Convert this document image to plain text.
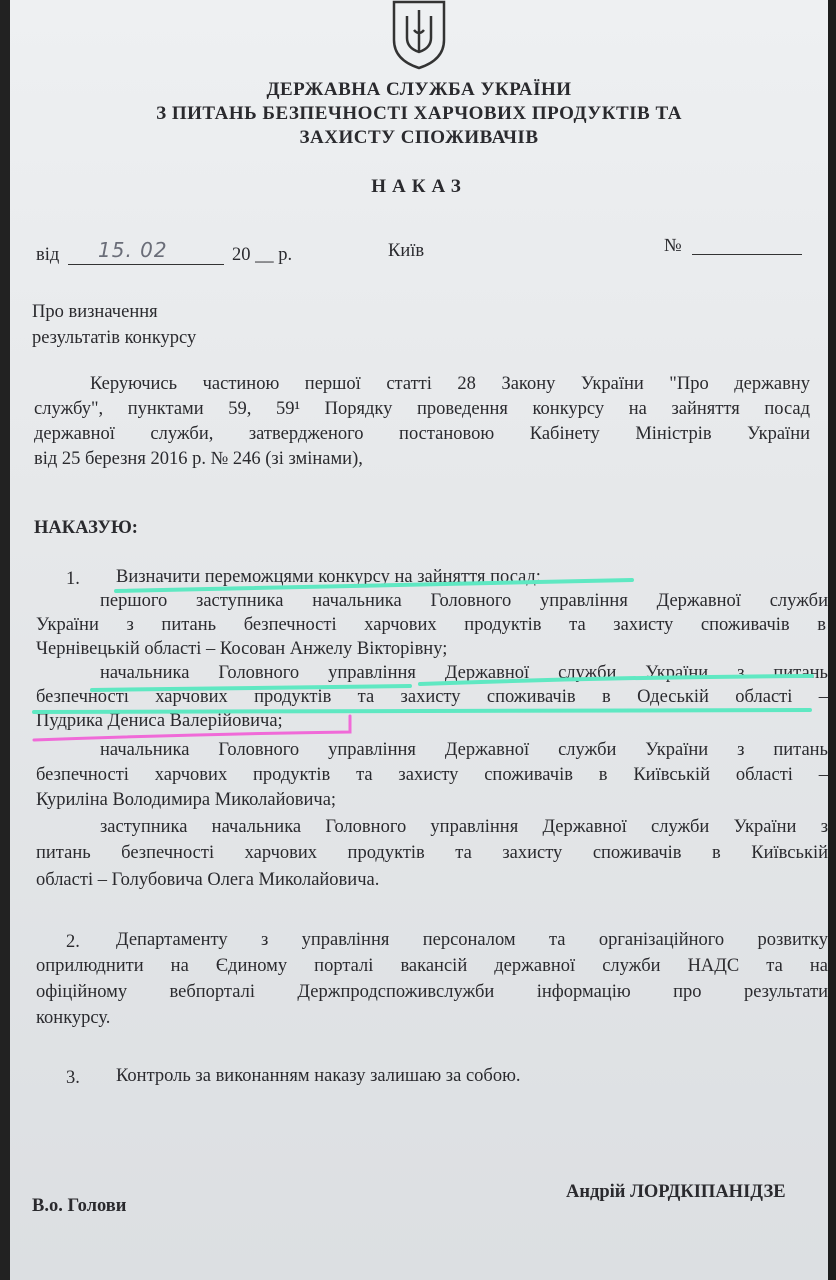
ДЕРЖАВНА СЛУЖБА УКРАЇНИ
З ПИТАНЬ БЕЗПЕЧНОСТІ ХАРЧОВИХ ПРОДУКТІВ ТА
ЗАХИСТУ СПОЖИВАЧІВ
НАКАЗ
від 15. 02	20 __ р.	Київ	№
Про визначення
результатів конкурсу
Керуючись частиною першої статті 28 Закону України "Про державну
службу", пунктами 59, 59¹ Порядку проведення конкурсу на зайняття посад
державної служби, затвердженого постановою Кабінету Міністрів України
від 25 березня 2016 р. № 246 (зі змінами),
НАКАЗУЮ:
1. Визначити переможцями конкурсу на зайняття посад:
першого заступника начальника Головного управління Державної служби
України з питань безпечності харчових продуктів та захисту споживачів в
Чернівецькій області – Косован Анжелу Вікторівну;
начальника Головного управління Державної служби України з питань
безпечності харчових продуктів та захисту споживачів в Одеській області –
Пудрика Дениса Валерійовича;
начальника Головного управління Державної служби України з питань
безпечності харчових продуктів та захисту споживачів в Київській області –
Куриліна Володимира Миколайовича;
заступника начальника Головного управління Державної служби України з
питань безпечності харчових продуктів та захисту споживачів в Київській
області – Голубовича Олега Миколайовича.
2. Департаменту з управління персоналом та організаційного розвитку
оприлюднити на Єдиному порталі вакансій державної служби НАДС та на
офіційному вебпорталі Держпродспоживслужби інформацію про результати
конкурсу.
3. Контроль за виконанням наказу залишаю за собою.
В.о. Голови
Андрій ЛОРДКІПАНІДЗЕ
